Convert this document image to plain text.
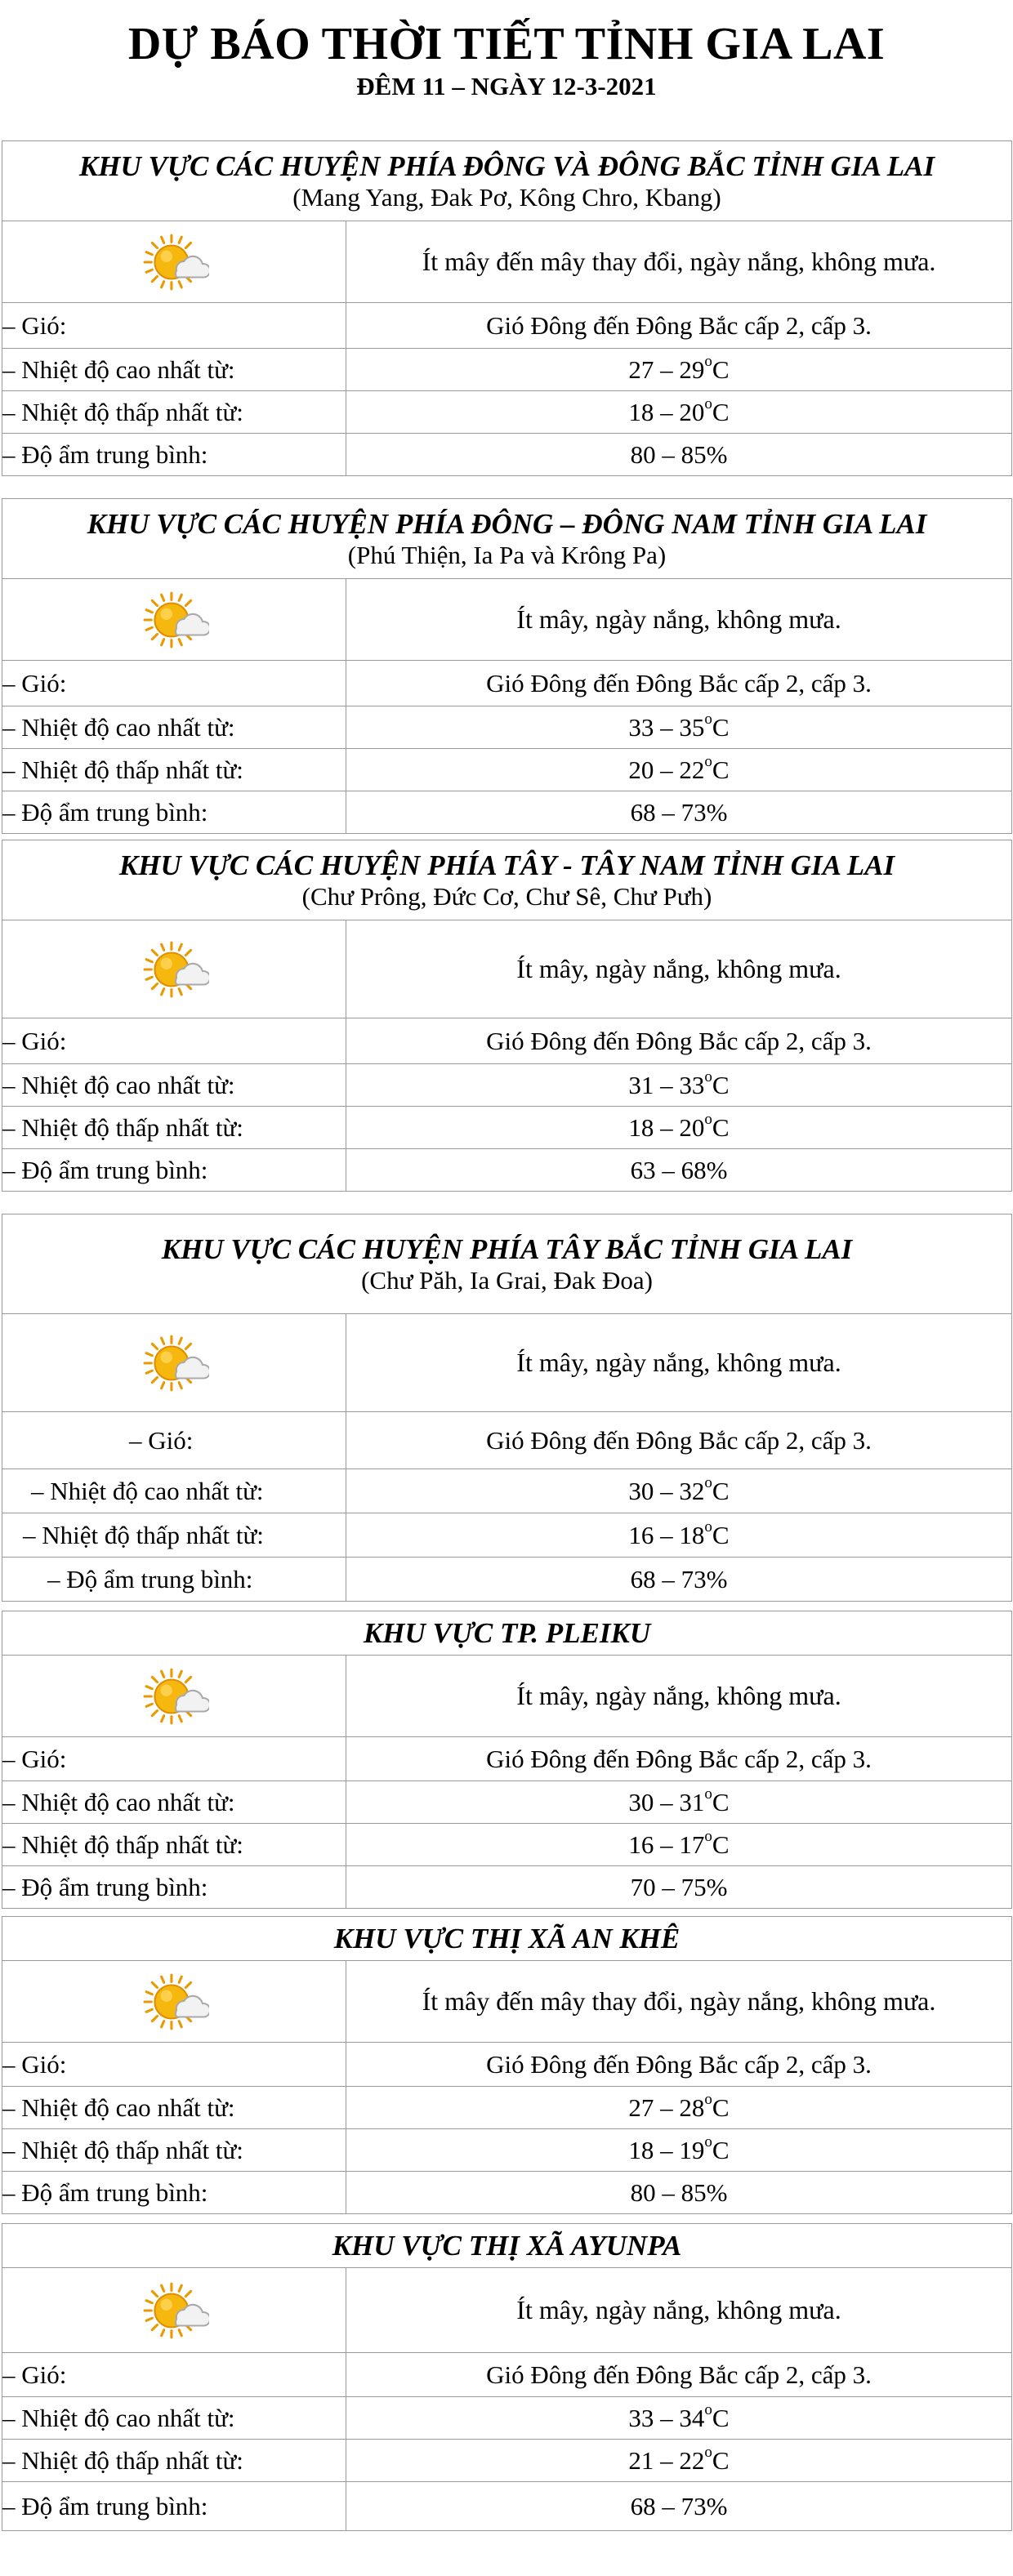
DỰ BÁO THỜI TIẾT TỈNH GIA LAI
ĐÊM 11 – NGÀY 12-3-2021
KHU VỰC CÁC HUYỆN PHÍA ĐÔNG VÀ ĐÔNG BẮC TỈNH GIA LAI
(Mang Yang, Đak Pơ, Kông Chro, Kbang)	

	Ít mây đến mây thay đổi, ngày nắng, không mưa.
– Gió:	Gió Đông đến Đông Bắc cấp 2, cấp 3.
– Nhiệt độ cao nhất từ:	27 – 29$^o$C
– Nhiệt độ thấp nhất từ:	18 – 20$^o$C
– Độ ẩm trung bình:	80 – 85%
KHU VỰC CÁC HUYỆN PHÍA ĐÔNG – ĐÔNG NAM TỈNH GIA LAI
(Phú Thiện, Ia Pa và Krông Pa)	

	Ít mây, ngày nắng, không mưa.
– Gió:	Gió Đông đến Đông Bắc cấp 2, cấp 3.
– Nhiệt độ cao nhất từ:	33 – 35$^o$C
– Nhiệt độ thấp nhất từ:	20 – 22$^o$C
– Độ ẩm trung bình:	68 – 73%
KHU VỰC CÁC HUYỆN PHÍA TÂY - TÂY NAM TỈNH GIA LAI
(Chư Prông, Đức Cơ, Chư Sê, Chư Pưh)	

	Ít mây, ngày nắng, không mưa.
– Gió:	Gió Đông đến Đông Bắc cấp 2, cấp 3.
– Nhiệt độ cao nhất từ:	31 – 33$^o$C
– Nhiệt độ thấp nhất từ:	18 – 20$^o$C
– Độ ẩm trung bình:	63 – 68%
KHU VỰC CÁC HUYỆN PHÍA TÂY BẮC TỈNH GIA LAI
(Chư Păh, Ia Grai, Đak Đoa)	

	Ít mây, ngày nắng, không mưa.
– Gió:	Gió Đông đến Đông Bắc cấp 2, cấp 3.
– Nhiệt độ cao nhất từ:	30 – 32$^o$C
– Nhiệt độ thấp nhất từ:	16 – 18$^o$C
– Độ ẩm trung bình:	68 – 73%
KHU VỰC TP. PLEIKU	

	Ít mây, ngày nắng, không mưa.
– Gió:	Gió Đông đến Đông Bắc cấp 2, cấp 3.
– Nhiệt độ cao nhất từ:	30 – 31$^o$C
– Nhiệt độ thấp nhất từ:	16 – 17$^o$C
– Độ ẩm trung bình:	70 – 75%
KHU VỰC THỊ XÃ AN KHÊ	

	Ít mây đến mây thay đổi, ngày nắng, không mưa.
– Gió:	Gió Đông đến Đông Bắc cấp 2, cấp 3.
– Nhiệt độ cao nhất từ:	27 – 28$^o$C
– Nhiệt độ thấp nhất từ:	18 – 19$^o$C
– Độ ẩm trung bình:	80 – 85%
KHU VỰC THỊ XÃ AYUNPA	

	Ít mây, ngày nắng, không mưa.
– Gió:	Gió Đông đến Đông Bắc cấp 2, cấp 3.
– Nhiệt độ cao nhất từ:	33 – 34$^o$C
– Nhiệt độ thấp nhất từ:	21 – 22$^o$C
– Độ ẩm trung bình:	68 – 73%
